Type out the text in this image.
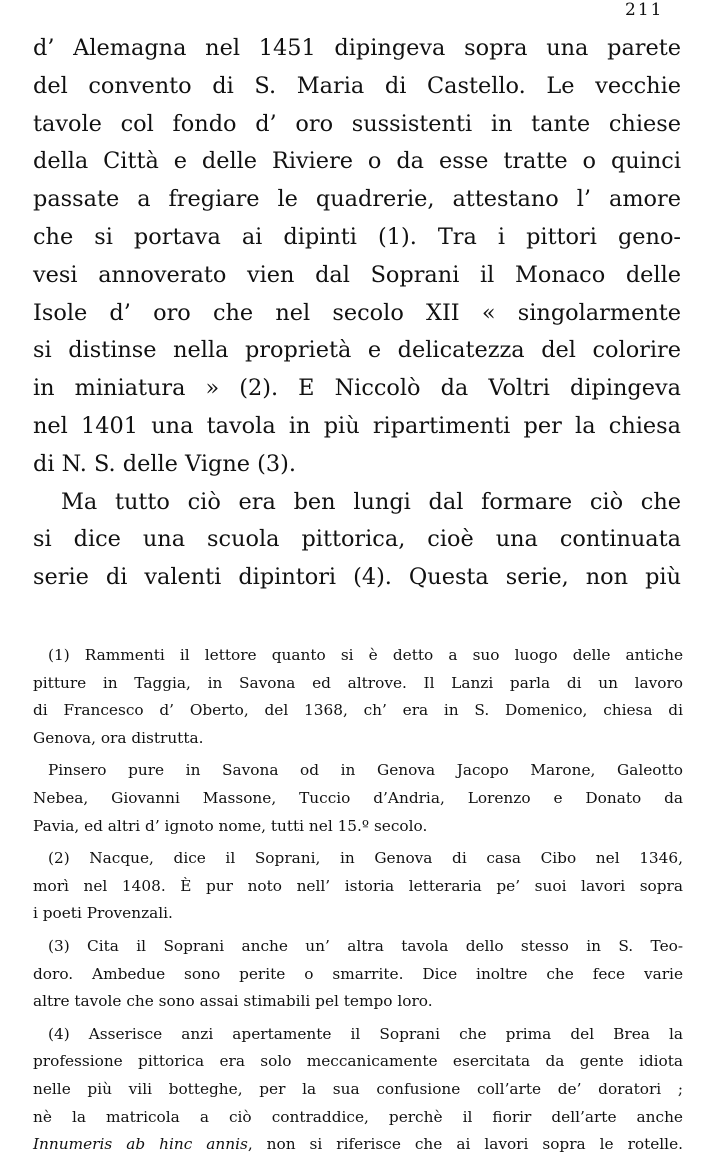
211
d’ Alemagna nel 1451 dipingeva sopra una parete
del convento di S. Maria di Castello. Le vecchie
tavole col fondo d’ oro sussistenti in tante chiese
della Città e delle Riviere o da esse tratte o quinci
passate a fregiare le quadrerie, attestano l’ amore
che si portava ai dipinti (1). Tra i pittori geno-
vesi annoverato vien dal Soprani il Monaco delle
Isole d’ oro che nel secolo XII « singolarmente
si distinse nella proprietà e delicatezza del colorire
in miniatura » (2). E Niccolò da Voltri dipingeva
nel 1401 una tavola in più ripartimenti per la chiesa
di N. S. delle Vigne (3).
Ma tutto ciò era ben lungi dal formare ciò che
si dice una scuola pittorica, cioè una continuata
serie di valenti dipintori (4). Questa serie, non più
(1) Rammenti il lettore quanto si è detto a suo luogo delle antiche
pitture in Taggia, in Savona ed altrove. Il Lanzi parla di un lavoro
di Francesco d’ Oberto, del 1368, ch’ era in S. Domenico, chiesa di
Genova, ora distrutta.
Pinsero pure in Savona od in Genova Jacopo Marone, Galeotto
Nebea, Giovanni Massone, Tuccio d’Andria, Lorenzo e Donato da
Pavia, ed altri d’ ignoto nome, tutti nel 15.º secolo.
(2) Nacque, dice il Soprani, in Genova di casa Cibo nel 1346,
morì nel 1408. È pur noto nell’ istoria letteraria pe’ suoi lavori sopra
i poeti Provenzali.
(3) Cita il Soprani anche un’ altra tavola dello stesso in S. Teo-
doro. Ambedue sono perite o smarrite. Dice inoltre che fece varie
altre tavole che sono assai stimabili pel tempo loro.
(4) Asserisce anzi apertamente il Soprani che prima del Brea la
professione pittorica era solo meccanicamente esercitata da gente idiota
nelle più vili botteghe, per la sua confusione coll’arte de’ doratori ;
nè la matricola a ciò contraddice, perchè il fiorir dell’arte anche
Innumeris ab hinc annis, non si riferisce che ai lavori sopra le rotelle.
